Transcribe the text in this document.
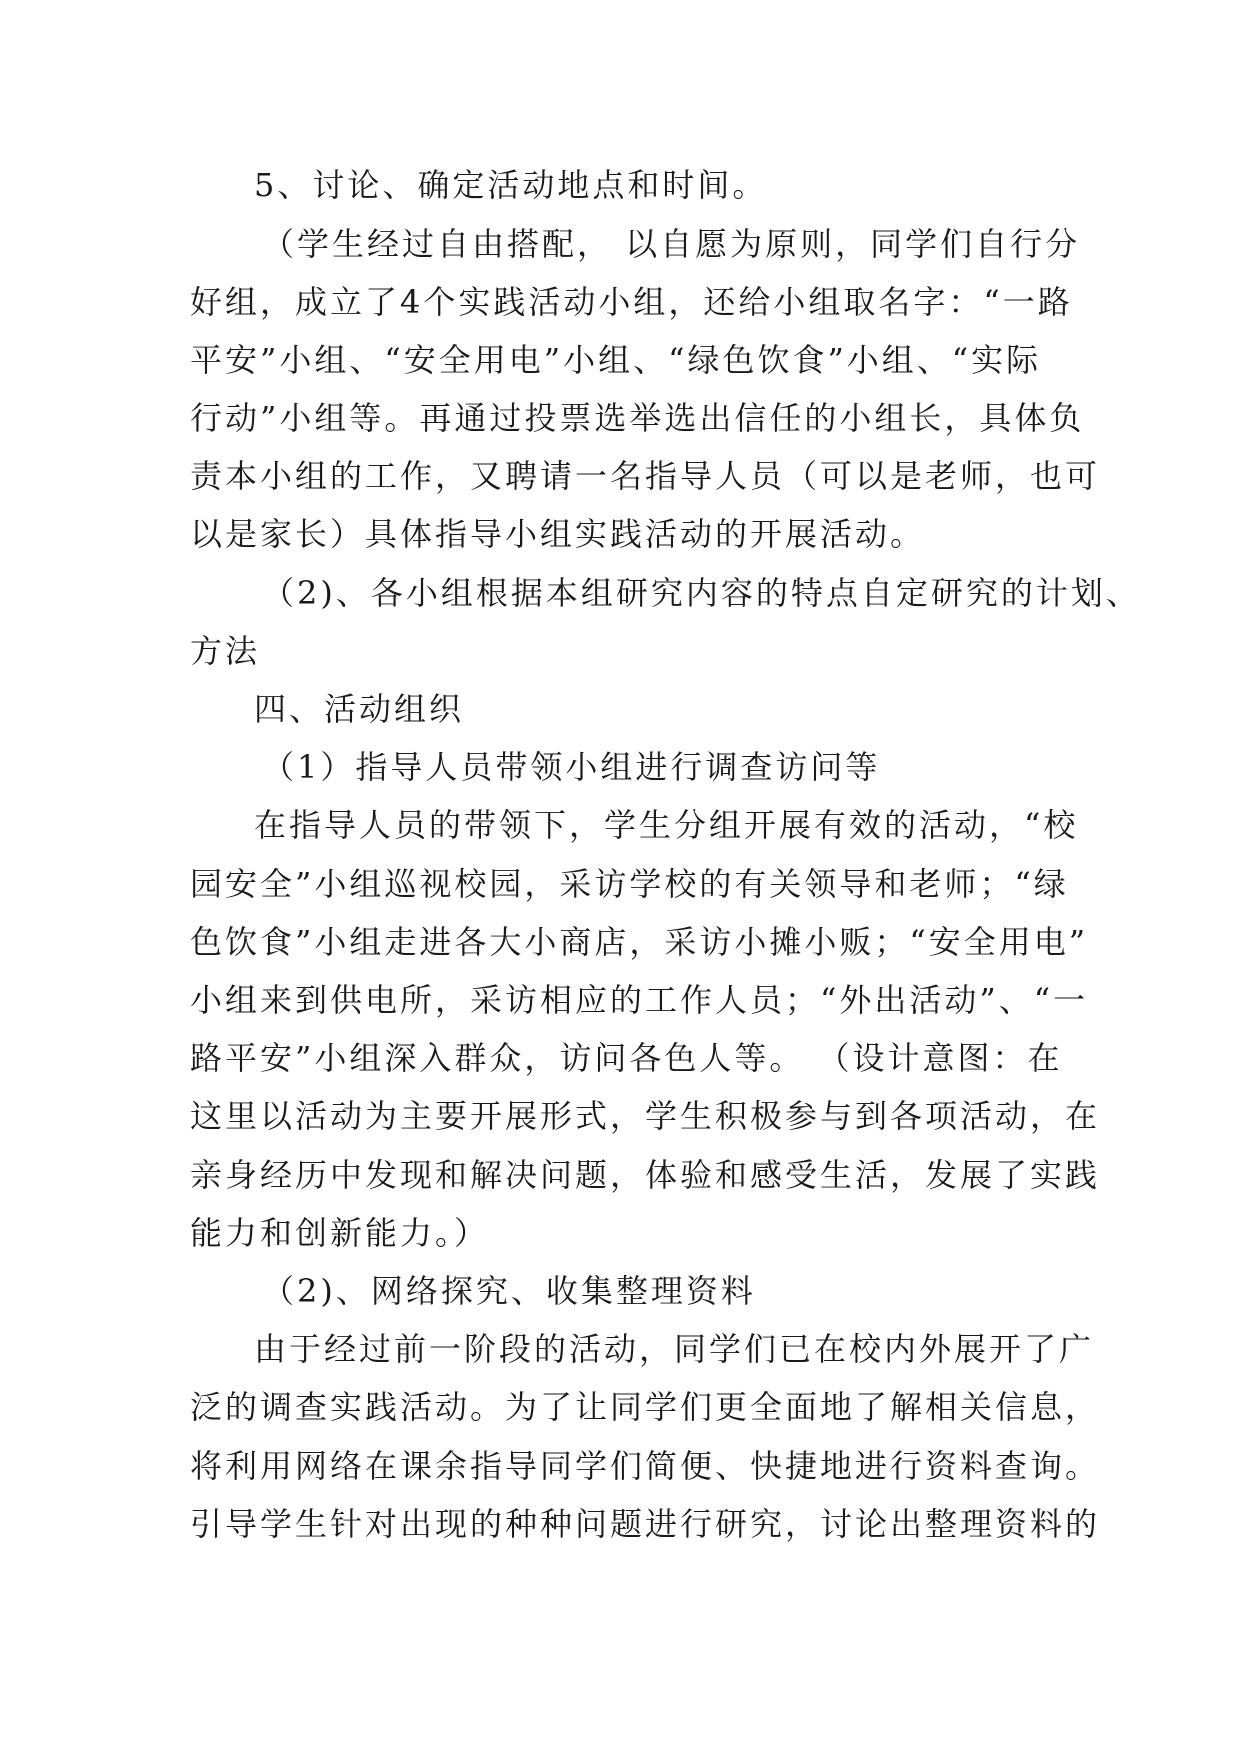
5、讨论、确定活动地点和时间。
（学生经过自由搭配， 以自愿为原则，同学们自行分
好组，成立了4个实践活动小组，还给小组取名字：“一路
平安”小组、“安全用电”小组、“绿色饮食”小组、“实际
行动”小组等。再通过投票选举选出信任的小组长，具体负
责本小组的工作，又聘请一名指导人员（可以是老师，也可
以是家长）具体指导小组实践活动的开展活动。
（2)、各小组根据本组研究内容的特点自定研究的计划、
方法
四、活动组织
（1）指导人员带领小组进行调查访问等
在指导人员的带领下，学生分组开展有效的活动，“校
园安全”小组巡视校园，采访学校的有关领导和老师；“绿
色饮食”小组走进各大小商店，采访小摊小贩；“安全用电”
小组来到供电所，采访相应的工作人员；“外出活动”、“一
路平安”小组深入群众，访问各色人等。 （设计意图：在
这里以活动为主要开展形式，学生积极参与到各项活动，在
亲身经历中发现和解决问题，体验和感受生活，发展了实践
能力和创新能力。）
（2)、网络探究、收集整理资料
由于经过前一阶段的活动，同学们已在校内外展开了广
泛的调查实践活动。为了让同学们更全面地了解相关信息，
将利用网络在课余指导同学们简便、快捷地进行资料查询。
引导学生针对出现的种种问题进行研究，讨论出整理资料的
